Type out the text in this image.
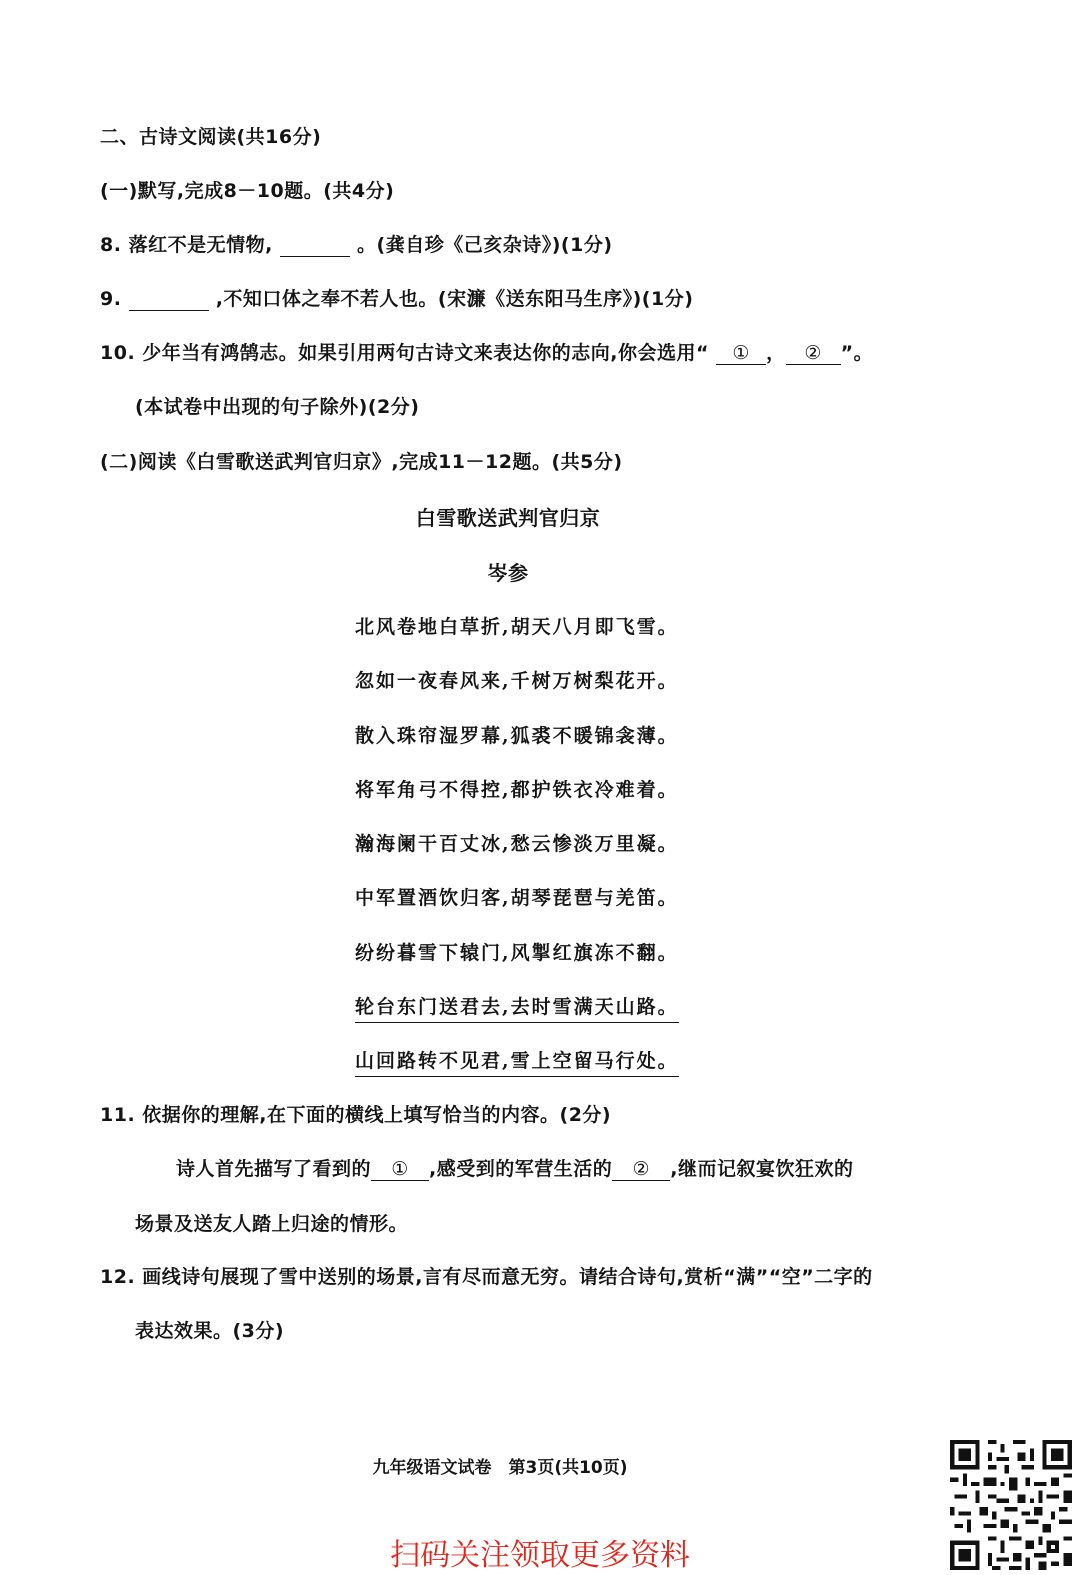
二、古诗文阅读(共16分)
(一)默写,完成8－10题。(共4分)
8. 落红不是无情物,	。(龚自珍《己亥杂诗》)(1分)
9.	,不知口体之奉不若人也。(宋濂《送东阳马生序》)(1分)
10. 少年当有鸿鹄志。如果引用两句古诗文来表达你的志向,你会选用“ ① ， ② ”。
(本试卷中出现的句子除外)(2分)
(二)阅读《白雪歌送武判官归京》,完成11－12题。(共5分)
白雪歌送武判官归京
岑参
北风卷地白草折,胡天八月即飞雪。
忽如一夜春风来,千树万树梨花开。
散入珠帘湿罗幕,狐裘不暖锦衾薄。
将军角弓不得控,都护铁衣冷难着。
瀚海阑干百丈冰,愁云惨淡万里凝。
中军置酒饮归客,胡琴琵琶与羌笛。
纷纷暮雪下辕门,风掣红旗冻不翻。
轮台东门送君去,去时雪满天山路。
山回路转不见君,雪上空留马行处。
11. 依据你的理解,在下面的横线上填写恰当的内容。(2分)
诗人首先描写了看到的 ① ,感受到的军营生活的 ② ,继而记叙宴饮狂欢的
场景及送友人踏上归途的情形。
12. 画线诗句展现了雪中送别的场景,言有尽而意无穷。请结合诗句,赏析“满”“空”二字的
表达效果。(3分)
九年级语文试卷　第3页(共10页)
扫码关注领取更多资料
